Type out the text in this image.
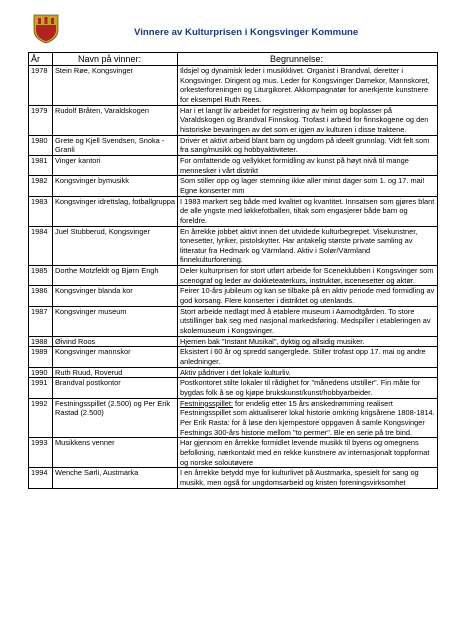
Vinnere av Kulturprisen i Kongsvinger Kommune
År	Navn på vinner:	Begrunnelse:
1978	Stein Røe, Kongsvinger	Ildsjel og dynamisk leder i musikklivet. Organist i Brandval, deretter i Kongsvinger. Dirigent og mus. Leder for Kongsvinger Damekor, Mannskoret, orkesterforeningen og Liturgikoret. Akkompagnatør for anerkjente kunstnere for eksempel Ruth Rees.
1979	Rudolf Bråten, Varaldskogen	Har i et langt liv arbeidet for registrering av heim og boplasser på Varaldskogen og Brandval Finnskog. Trofast i arbeid for finnskogene og den historiske bevaringen av det som er igjen av kulturen i disse traktene.
1980	Grete og Kjell Svendsen, Snoka - Granli	Driver et aktivt arbeid blant barn og ungdom på ideelt grunnlag. Vidt felt som fra sang/musikk og hobbyaktiviteter.
1981	Vinger kantori	For omfattende og vellykket formidling av kunst på høyt nivå til mange mennesker i vårt distrikt
1982	Kongsvinger bymusikk	Som stiller opp og lager stemning ikke aller minst dager som 1. og 17. mai! Egne konserter mm
1983	Kongsvinger idrettslag, fotballgruppa	I 1983 markert seg både med kvalitet og kvantitet. Innsatsen som gjøres blant de alle yngste med løkkefotballen, tiltak som engasjerer både barn og foreldre.
1984	Juel Stubberud, Kongsvinger	En årrekke jobbet aktivt innen det utvidede kulturbegrepet. Visekunstner, tonesetter, lyriker, pistolskytter. Har antakelig største private samling av litteratur fra Hedmark og Värmland. Aktiv i Solør/Värmland finnekulturforening.
1985	Dorthe Motzfeldt og Bjørn Engh	Deler kulturprisen for stort utført arbeide for Sceneklubben i Kongsvinger som scenograf og leder av dokketeaterkurs, instruktør, iscenesetter og aktør.
1986	Kongsvinger blanda kor	Feirer 10-års jubileum og kan se tilbake på en aktiv periode med formidling av god korsang. Flere konserter i distriktet og utenlands.
1987	Kongsvinger museum	Stort arbeide nedlagt med å etablere museum i Aamodtgården. To store utstillinger bak seg med nasjonal markedsføring. Medspiller i etableringen av skolemuseum i Kongsvinger.
1988	Øivind Roos	Hjernen bak "Instant Musikal", dyktig og allsidig musiker.
1989	Kongsvinger mannskor	Eksistert i 60 år og spredd sangerglede. Stiller trofast opp 17. mai og andre anledninger.
1990	Ruth Ruud, Roverud	Aktiv pådriver i det lokale kulturliv.
1991	Brandval postkontor	Postkontoret stilte lokaler til rådighet for "månedens utstiller". Fin måte for bygdas folk å se og kjøpe brukskunst/kunst/hobbyarbeider.
1992	Festningsspillet (2.500) og Per Erik Rastad (2.500)	Festningsspillet: for endelig etter 15 års ønskedrømming realisert Festningsspillet som aktualiserer lokal historie omkring krigsårene 1808-1814. Per Erik Rasta: for å løse den kjempestore oppgaven å samle Kongsvinger Festnings 300-års historie mellom "to permer". Ble en serie på tre bind.
1993	Musikkens venner	Har gjennom en årrekke formidlet levende musikk til byens og omegnens befolkning, nærkontakt med en rekke kunstnere av internasjonalt toppformat og norske solout​øvere
1994	Wenche Sørli, Austmarka	I en årrekke betydd mye for kulturlivet på Austmarka, spesielt for sang og musikk, men også for ungdomsarbeid og kristen foreningsvirksomhet
